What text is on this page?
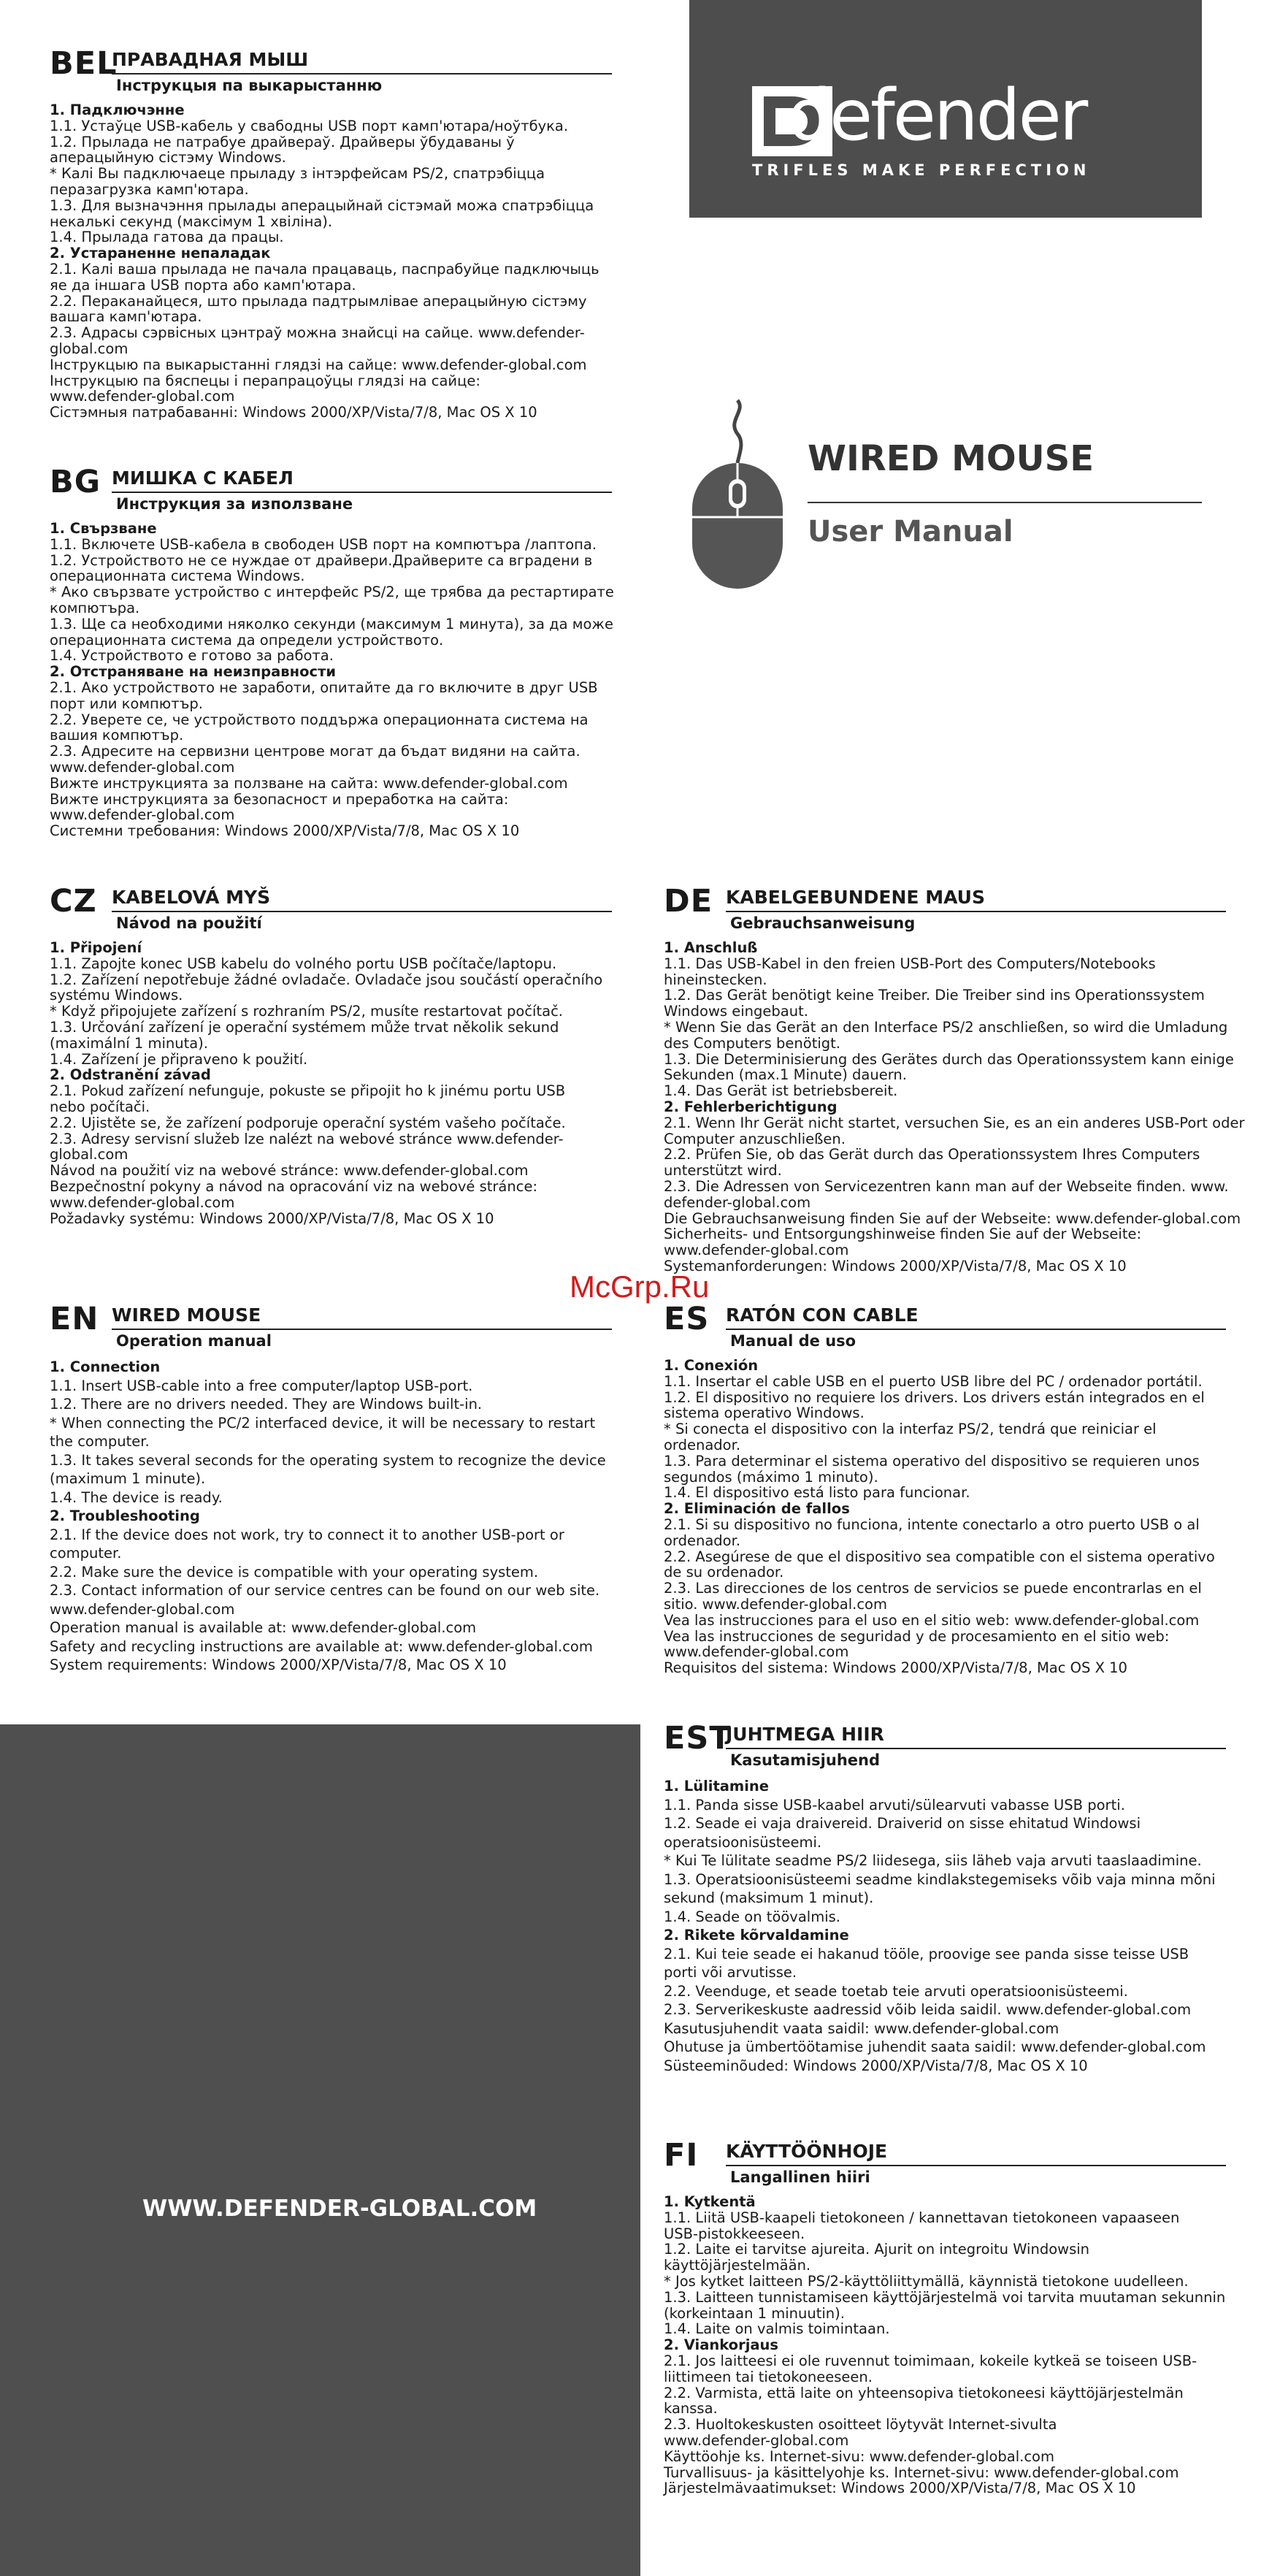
BEL
ПРАВАДНАЯ МЫШ
Інструкцыя па выкарыстанню
1. Падключэнне
1.1. Устаўце USB-кабель у свабодны USB порт камп'ютара/ноўтбука.
1.2. Прылада не патрабуе драйвераў. Драйверы ўбудаваны ў
аперацыйную сістэму Windows.
* Калі Вы падключаеце прыладу з інтэрфейсам PS/2, спатрэбіцца
перазагрузка камп'ютара.
1.3. Для вызначэння прылады аперацыйнай сістэмай можа спатрэбіцца
некалькі секунд (максімум 1 хвіліна).
1.4. Прылада гатова да працы.
2. Устараненне непаладак
2.1. Калі ваша прылада не пачала працаваць, паспрабуйце падключыць
яе да іншага USB порта або камп'ютара.
2.2. Пераканайцеся, што прылада падтрымлівае аперацыйную сістэму
вашага камп'ютара.
2.3. Адрасы сэрвісных цэнтраў можна знайсці на сайце. www.defender-
global.com
Інструкцыю па выкарыстанні глядзі на сайце: www.defender-global.com
Інструкцыю па бяспецы і перапрацоўцы глядзі на сайце:
www.defender-global.com
Сістэмныя патрабаванні: Windows 2000/XP/Vista/7/8, Mac OS X 10
BG МИШКА С КАБЕЛ
Инструкция за използване
1. Свързване
1.1. Включете USB-кабела в свободен USB порт на компютъра /лаптопа.
1.2. Устройството не се нуждае от драйвери.Драйверите са вградени в
операционната система Windows.
* Ако свързвате устройство с интерфейс PS/2, ще трябва да рестартирате
компютъра.
1.3. Ще са необходими няколко секунди (максимум 1 минута), за да може
операционната система да определи устройството.
1.4. Устройството е готово за работа.
2. Отстраняване на неизправности
2.1. Ако устройството не заработи, опитайте да го включите в друг USB
порт или компютър.
2.2. Уверете се, че устройството поддържа операционната система на
вашия компютър.
2.3. Адресите на сервизни центрове могат да бъдат видяни на сайта.
www.defender-global.com
Вижте инструкцията за ползване на сайта: www.defender-global.com
Вижте инструкцията за безопасност и преработка на сайта:
www.defender-global.com
Системни требования: Windows 2000/XP/Vista/7/8, Mac OS X 10
CZ KABELOVÁ MYŠ
Návod na použití
1. Připojení
1.1. Zapojte konec USB kabelu do volného portu USB počítače/laptopu.
1.2. Zařízení nepotřebuje žádné ovladače. Ovladače jsou součástí operačního
systému Windows.
* Když připojujete zařízení s rozhraním PS/2, musíte restartovat počítač.
1.3. Určování zařízení je operační systémem může trvat několik sekund
(maximální 1 minuta).
1.4. Zařízení je připraveno k použití.
2. Odstranění závad
2.1. Pokud zařízení nefunguje, pokuste se připojit ho k jinému portu USB
nebo počítači.
2.2. Ujistěte se, že zařízení podporuje operační systém vašeho počítače.
2.3. Adresy servisní služeb lze nalézt na webové stránce www.defender-
global.com
Návod na použití viz na webové stránce: www.defender-global.com
Bezpečnostní pokyny a návod na opracování viz na webové stránce:
www.defender-global.com
Požadavky systému: Windows 2000/XP/Vista/7/8, Mac OS X 10
DE KABELGEBUNDENE MAUS
Gebrauchsanweisung
1. Anschluß
1.1. Das USB-Kabel in den freien USB-Port des Computers/Notebooks
hineinstecken.
1.2. Das Gerät benötigt keine Treiber. Die Treiber sind ins Operationssystem
Windows eingebaut.
* Wenn Sie das Gerät an den Interface PS/2 anschließen, so wird die Umladung
des Computers benötigt.
1.3. Die Determinisierung des Gerätes durch das Operationssystem kann einige
Sekunden (max.1 Minute) dauern.
1.4. Das Gerät ist betriebsbereit.
2. Fehlerberichtigung
2.1. Wenn Ihr Gerät nicht startet, versuchen Sie, es an ein anderes USB-Port oder
Computer anzuschließen.
2.2. Prüfen Sie, ob das Gerät durch das Operationssystem Ihres Computers
unterstützt wird.
2.3. Die Adressen von Servicezentren kann man auf der Webseite finden. www.
defender-global.com
Die Gebrauchsanweisung finden Sie auf der Webseite: www.defender-global.com
Sicherheits- und Entsorgungshinweise finden Sie auf der Webseite:
www.defender-global.com
Systemanforderungen: Windows 2000/XP/Vista/7/8, Mac OS X 10
EN WIRED MOUSE
Operation manual
1. Connection
1.1. Insert USB-cable into a free computer/laptop USB-port.
1.2. There are no drivers needed. They are Windows built-in.
* When connecting the PC/2 interfaced device, it will be necessary to restart
the computer.
1.3. It takes several seconds for the operating system to recognize the device
(maximum 1 minute).
1.4. The device is ready.
2. Troubleshooting
2.1. If the device does not work, try to connect it to another USB-port or
computer.
2.2. Make sure the device is compatible with your operating system.
2.3. Contact information of our service centres can be found on our web site.
www.defender-global.com
Operation manual is available at: www.defender-global.com
Safety and recycling instructions are available at: www.defender-global.com
System requirements: Windows 2000/XP/Vista/7/8, Mac OS X 10
ES RATÓN CON CABLE
Manual de uso
1. Conexión
1.1. Insertar el cable USB en el puerto USB libre del PC / ordenador portátil.
1.2. El dispositivo no requiere los drivers. Los drivers están integrados en el
sistema operativo Windows.
* Si conecta el dispositivo con la interfaz PS/2, tendrá que reiniciar el
ordenador.
1.3. Para determinar el sistema operativo del dispositivo se requieren unos
segundos (máximo 1 minuto).
1.4. El dispositivo está listo para funcionar.
2. Eliminación de fallos
2.1. Si su dispositivo no funciona, intente conectarlo a otro puerto USB o al
ordenador.
2.2. Asegúrese de que el dispositivo sea compatible con el sistema operativo
de su ordenador.
2.3. Las direcciones de los centros de servicios se puede encontrarlas en el
sitio. www.defender-global.com
Vea las instrucciones para el uso en el sitio web: www.defender-global.com
Vea las instrucciones de seguridad y de procesamiento en el sitio web:
www.defender-global.com
Requisitos del sistema: Windows 2000/XP/Vista/7/8, Mac OS X 10
EST
JUHTMEGA HIIR
Kasutamisjuhend
1. Lülitamine
1.1. Panda sisse USB-kaabel arvuti/sülearvuti vabasse USB porti.
1.2. Seade ei vaja draivereid. Draiverid on sisse ehitatud Windowsi
operatsioonisüsteemi.
* Kui Te lülitate seadme PS/2 liidesega, siis läheb vaja arvuti taaslaadimine.
1.3. Operatsioonisüsteemi seadme kindlakstegemiseks võib vaja minna mõni
sekund (maksimum 1 minut).
1.4. Seade on töövalmis.
2. Rikete kõrvaldamine
2.1. Kui teie seade ei hakanud tööle, proovige see panda sisse teisse USB
porti või arvutisse.
2.2. Veenduge, et seade toetab teie arvuti operatsioonisüsteemi.
2.3. Serverikeskuste aadressid võib leida saidil. www.defender-global.com
Kasutusjuhendit vaata saidil: www.defender-global.com
Ohutuse ja ümbertöötamise juhendit saata saidil: www.defender-global.com
Süsteeminõuded: Windows 2000/XP/Vista/7/8, Mac OS X 10
FI KÄYTTÖÖNHOJE
Langallinen hiiri
1. Kytkentä
1.1. Liitä USB-kaapeli tietokoneen / kannettavan tietokoneen vapaaseen
USB-pistokkeeseen.
1.2. Laite ei tarvitse ajureita. Ajurit on integroitu Windowsin
käyttöjärjestelmään.
* Jos kytket laitteen PS/2-käyttöliittymällä, käynnistä tietokone uudelleen.
1.3. Laitteen tunnistamiseen käyttöjärjestelmä voi tarvita muutaman sekunnin
(korkeintaan 1 minuutin).
1.4. Laite on valmis toimintaan.
2. Viankorjaus
2.1. Jos laitteesi ei ole ruvennut toimimaan, kokeile kytkeä se toiseen USB-
liittimeen tai tietokoneeseen.
2.2. Varmista, että laite on yhteensopiva tietokoneesi käyttöjärjestelmän
kanssa.
2.3. Huoltokeskusten osoitteet löytyvät Internet-sivulta
www.defender-global.com
Käyttöohje ks. Internet-sivu: www.defender-global.com
Turvallisuus- ja käsittelyohje ks. Internet-sivu: www.defender-global.com
Järjestelmävaatimukset: Windows 2000/XP/Vista/7/8, Mac OS X 10
defender
TRIFLES MAKE PERFECTION
WIRED MOUSE
User Manual
McGrp.Ru
WWW.DEFENDER-GLOBAL.COM
